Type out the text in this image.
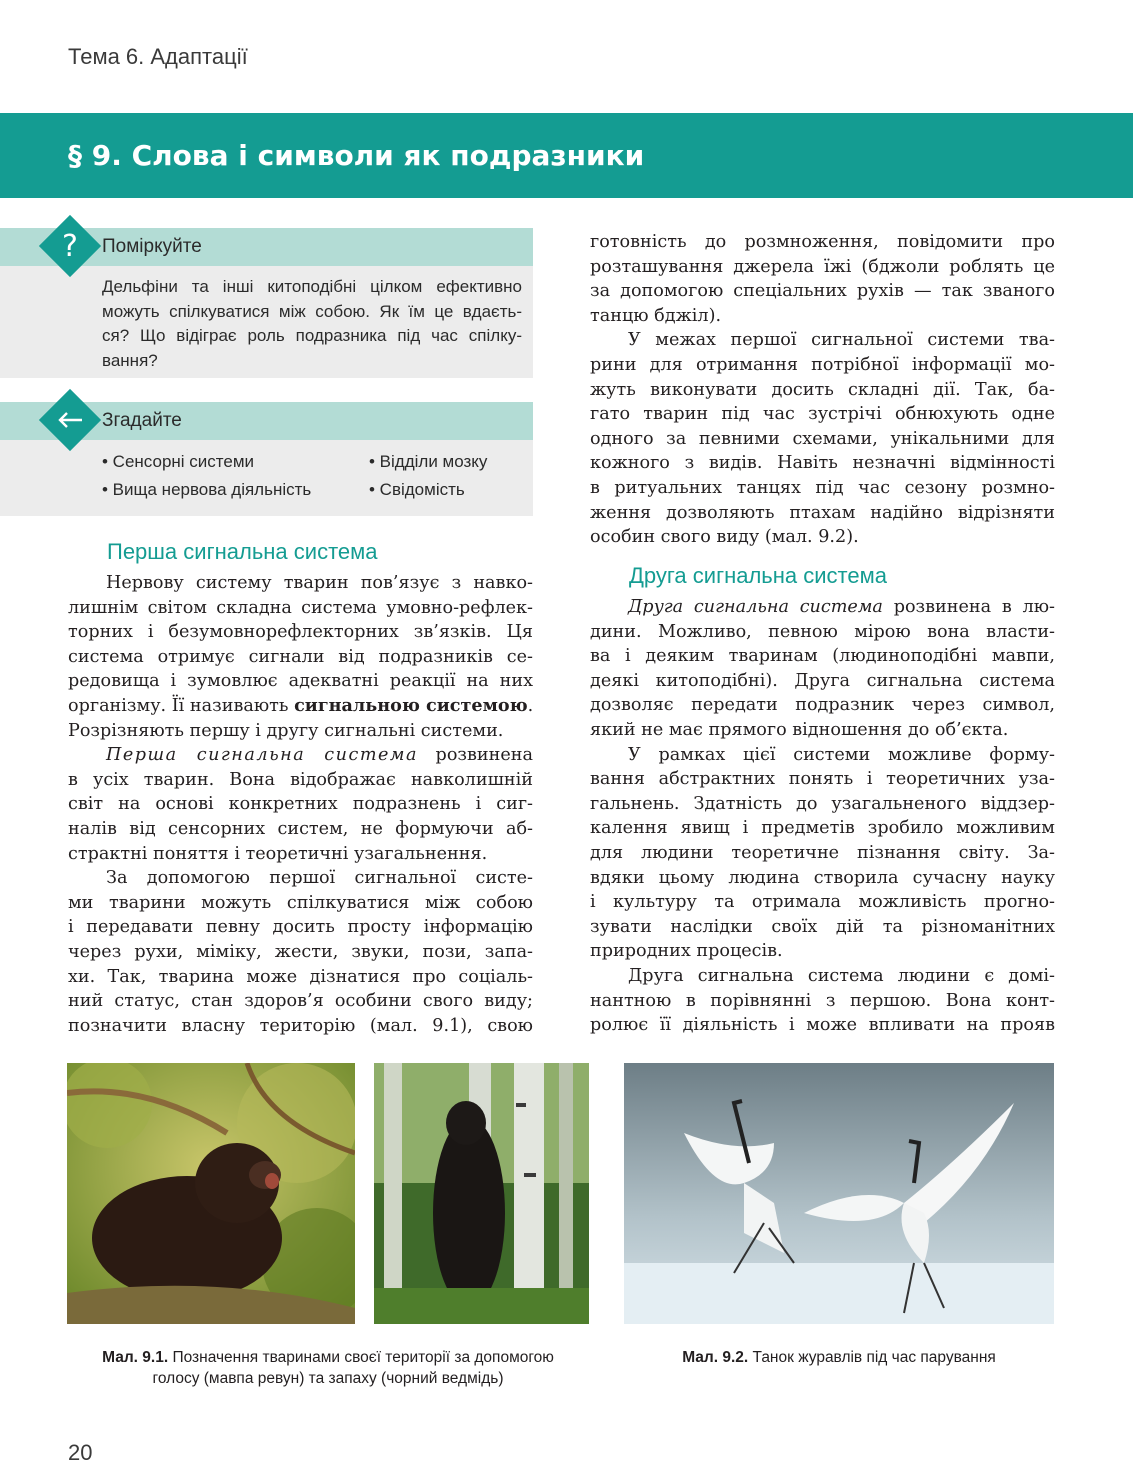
Тема 6. Адаптації
§ 9. Слова і символи як подразники
?	Поміркуйте
Дельфіни та інші китоподібні цілком ефективно
можуть спілкуватися між собою. Як їм це вдаєть-
ся? Що відіграє роль подразника під час спілку-
вання?
Згадайте
• Сенсорні системи
• Вища нервова діяльність
• Відділи мозку
• Свідомість
Перша сигнальна система
Нервову систему тварин пов’язує з навко-
лишнім світом складна система умовно-рефлек-
торних і безумовнорефлекторних зв’язків. Ця
система отримує сигнали від подразників се-
редовища і зумовлює адекватні реакції на них
організму. Її називають сигнальною системою.
Розрізняють першу і другу сигнальні системи.
Перша сигнальна система розвинена
в усіх тварин. Вона відображає навколишній
світ на основі конкретних подразнень і сиг-
налів від сенсорних систем, не формуючи аб-
страктні поняття і теоретичні узагальнення.
За допомогою першої сигнальної систе-
ми тварини можуть спілкуватися між собою
і передавати певну досить просту інформацію
через рухи, міміку, жести, звуки, пози, запа-
хи. Так, тварина може дізнатися про соціаль-
ний статус, стан здоров’я особини свого виду;
позначити власну територію (мал. 9.1), свою
готовність до розмноження, повідомити про
розташування джерела їжі (бджоли роблять це
за допомогою спеціальних рухів — так званого
танцю бджіл).
У межах першої сигнальної системи тва-
рини для отримання потрібної інформації мо-
жуть виконувати досить складні дії. Так, ба-
гато тварин під час зустрічі обнюхують одне
одного за певними схемами, унікальними для
кожного з видів. Навіть незначні відмінності
в ритуальних танцях під час сезону розмно-
ження дозволяють птахам надійно відрізняти
особин свого виду (мал. 9.2).
Друга сигнальна система
Друга сигнальна система розвинена в лю-
дини. Можливо, певною мірою вона власти-
ва і деяким тваринам (людиноподібні мавпи,
деякі китоподібні). Друга сигнальна система
дозволяє передати подразник через символ,
який не має прямого відношення до об’єкта.
У рамках цієї системи можливе форму-
вання абстрактних понять і теоретичних уза-
гальнень. Здатність до узагальненого віддзер-
калення явищ і предметів зробило можливим
для людини теоретичне пізнання світу. За-
вдяки цьому людина створила сучасну науку
і культуру та отримала можливість прогно-
зувати наслідки своїх дій та різноманітних
природних процесів.
Друга сигнальна система людини є домі-
нантною в порівнянні з першою. Вона конт-
ролює її діяльність і може впливати на прояв
Мал. 9.1. Позначення тваринами своєї території за допомогою
голосу (мавпа ревун) та запаху (чорний ведмідь)
Мал. 9.2. Танок журавлів під час парування
20
